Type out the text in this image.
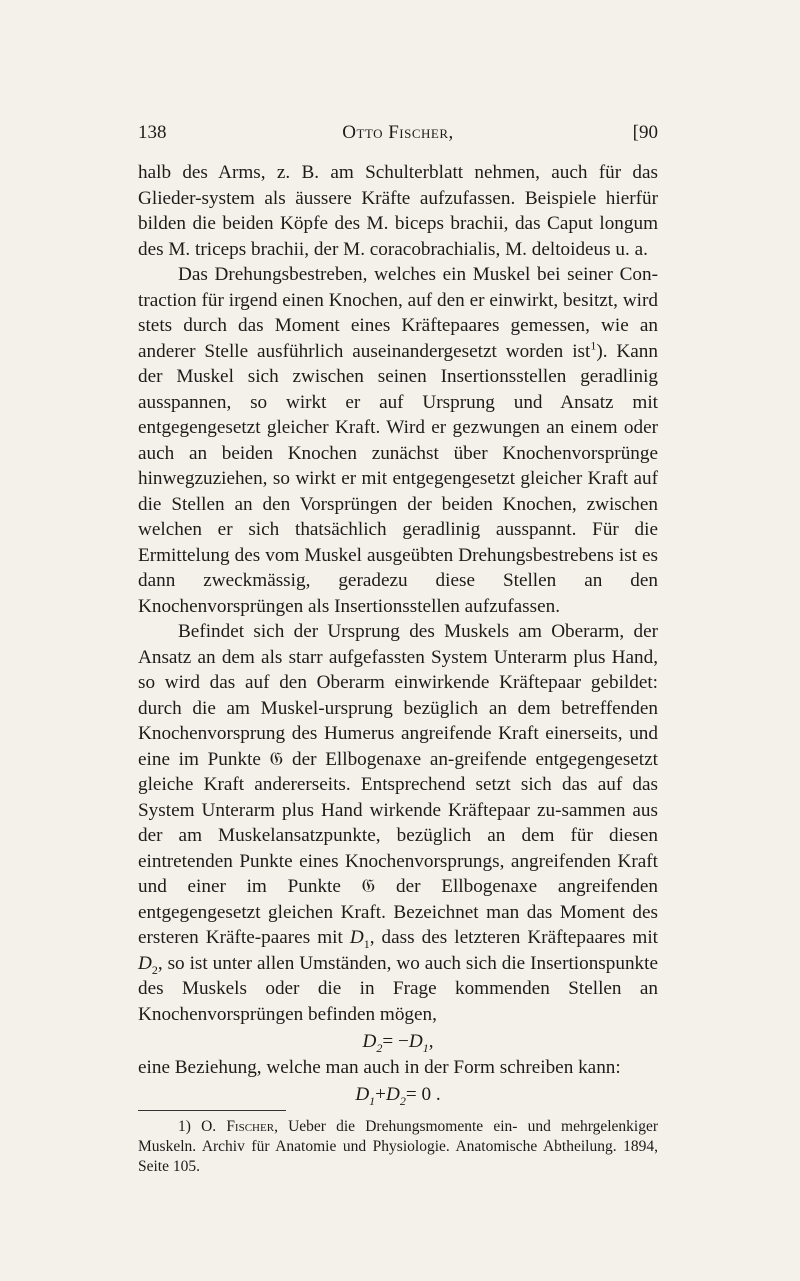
138	Otto Fischer,	[90

halb des Arms, z. B. am Schulterblatt nehmen, auch für das Glieder-system als äussere Kräfte aufzufassen. Beispiele hierfür bilden die beiden Köpfe des M. biceps brachii, das Caput longum des M. triceps brachii, der M. coracobrachialis, M. deltoideus u. a.

Das Drehungsbestreben, welches ein Muskel bei seiner Con-traction für irgend einen Knochen, auf den er einwirkt, besitzt, wird stets durch das Moment eines Kräftepaares gemessen, wie an anderer Stelle ausführlich auseinandergesetzt worden ist$^1$). Kann der Muskel sich zwischen seinen Insertionsstellen geradlinig ausspannen, so wirkt er auf Ursprung und Ansatz mit entgegengesetzt gleicher Kraft. Wird er gezwungen an einem oder auch an beiden Knochen zunächst über Knochenvorsprünge hinwegzuziehen, so wirkt er mit entgegengesetzt gleicher Kraft auf die Stellen an den Vorsprüngen der beiden Knochen, zwischen welchen er sich thatsächlich geradlinig ausspannt. Für die Ermittelung des vom Muskel ausgeübten Drehungsbestrebens ist es dann zweckmässig, geradezu diese Stellen an den Knochenvorsprüngen als Insertionsstellen aufzufassen.

Befindet sich der Ursprung des Muskels am Oberarm, der Ansatz an dem als starr aufgefassten System Unterarm plus Hand, so wird das auf den Oberarm einwirkende Kräftepaar gebildet: durch die am Muskel-ursprung bezüglich an dem betreffenden Knochenvorsprung des Humerus angreifende Kraft einerseits, und eine im Punkte 𝔊 der Ellbogenaxe an-greifende entgegengesetzt gleiche Kraft andererseits. Entsprechend setzt sich das auf das System Unterarm plus Hand wirkende Kräftepaar zu-sammen aus der am Muskelansatzpunkte, bezüglich an dem für diesen eintretenden Punkte eines Knochenvorsprungs, angreifenden Kraft und einer im Punkte 𝔊 der Ellbogenaxe angreifenden entgegengesetzt gleichen Kraft. Bezeichnet man das Moment des ersteren Kräfte-paares mit $D_1$, dass des letzteren Kräftepaares mit $D_2$, so ist unter allen Umständen, wo auch sich die Insertionspunkte des Muskels oder die in Frage kommenden Stellen an Knochenvorsprüngen befinden mögen,

$D_2= -D_1$,

eine Beziehung, welche man auch in der Form schreiben kann:

$D_1+D_2= 0$ .

1) O. Fischer, Ueber die Drehungsmomente ein- und mehrgelenkiger Muskeln. Archiv für Anatomie und Physiologie. Anatomische Abtheilung. 1894, Seite 105.
